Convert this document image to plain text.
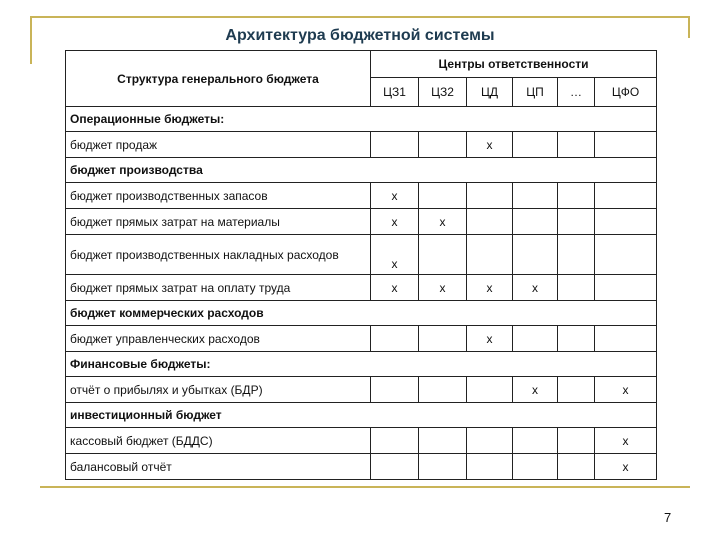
Архитектура бюджетной системы
Структура генерального бюджета	Центры ответственности					
	ЦЗ1	ЦЗ2	ЦД	ЦП	…	ЦФО
Операционные бюджеты:						
бюджет продаж			x			
бюджет производства						
бюджет производственных запасов	x					
бюджет прямых затрат на материалы	x	x				
бюджет производственных накладных расходов	x					
бюджет прямых затрат на оплату труда	x	x	x	x		
бюджет коммерческих расходов						
бюджет управленческих расходов			x			
Финансовые бюджеты:						
отчёт о прибылях и убытках (БДР)				x		x
инвестиционный бюджет						
кассовый бюджет (БДДС)						x
балансовый отчёт						x
7
